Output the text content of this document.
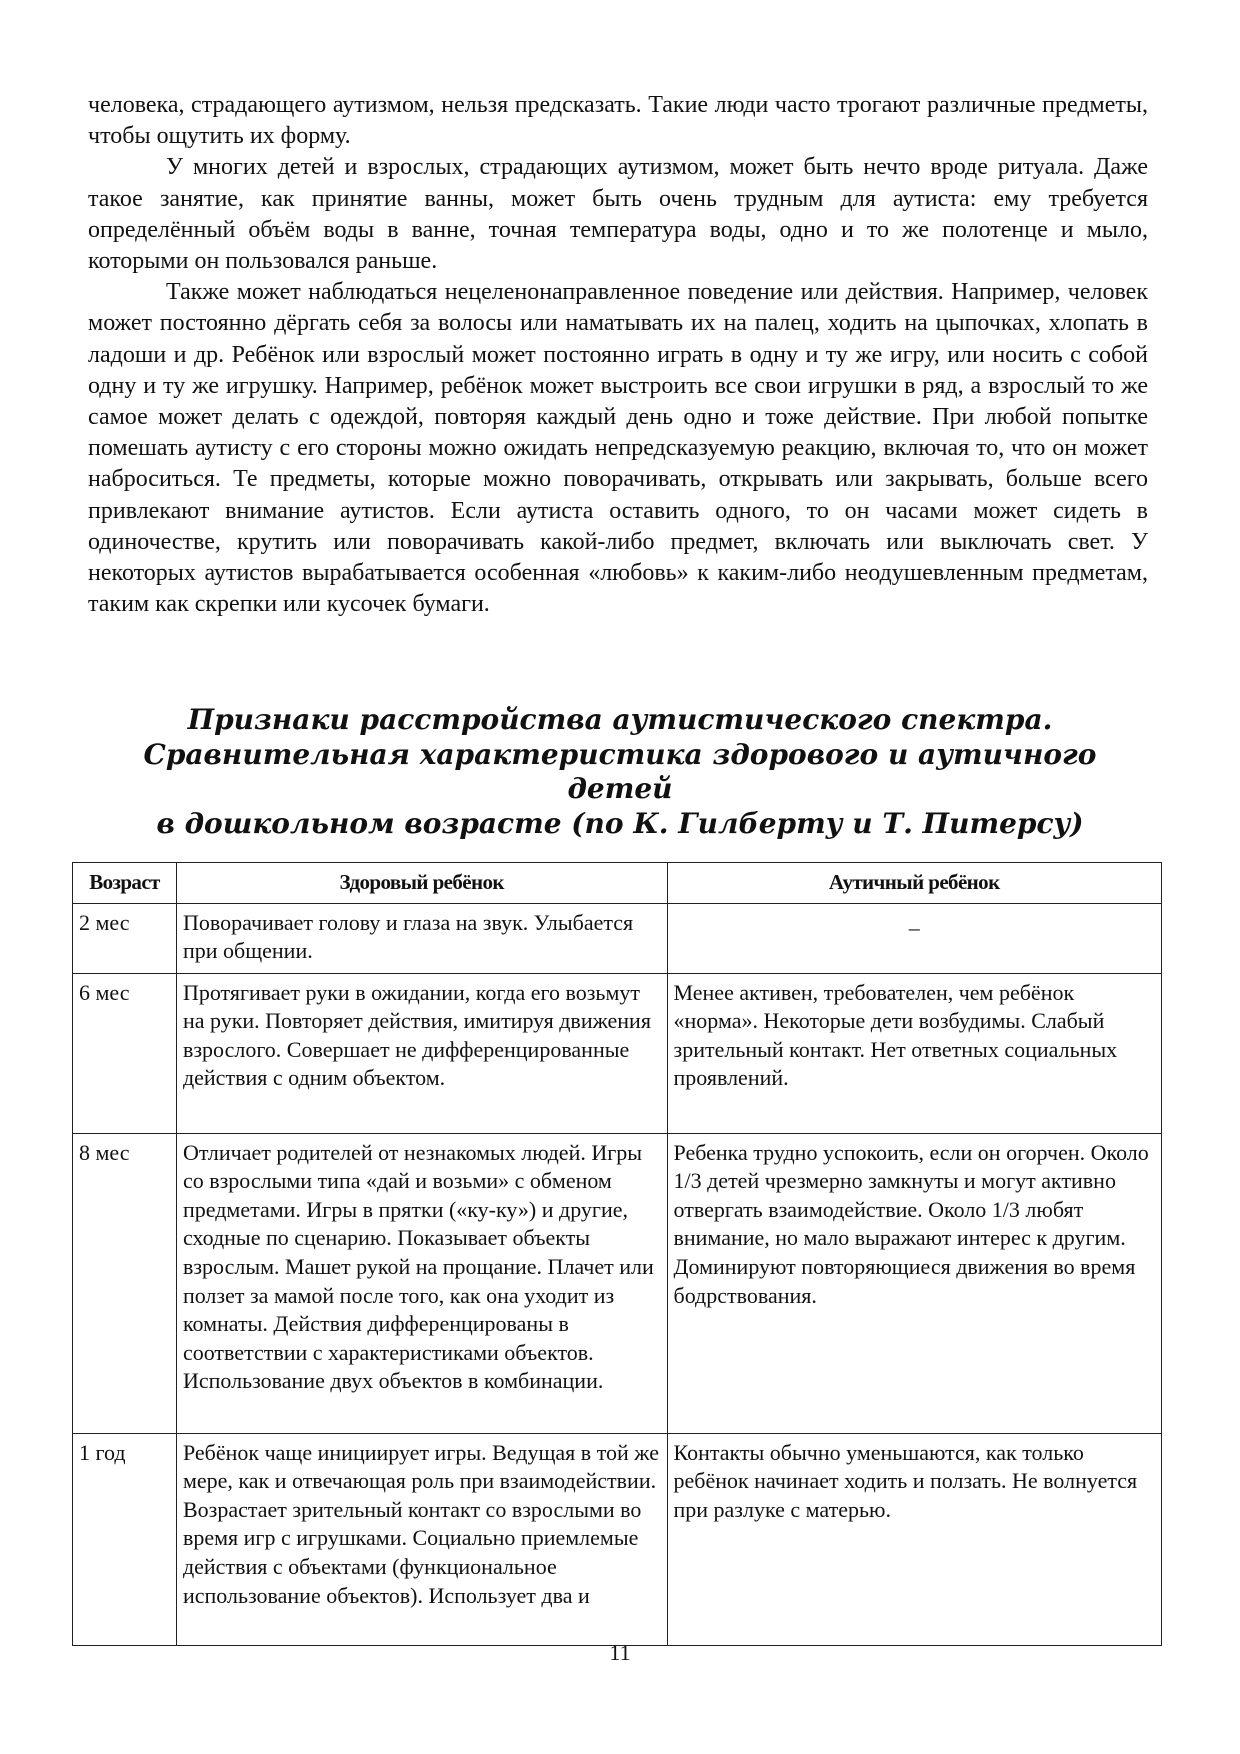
человека, страдающего аутизмом, нельзя предсказать. Такие люди часто трогают различные предметы, чтобы ощутить их форму.

У многих детей и взрослых, страдающих аутизмом, может быть нечто вроде ритуала. Даже такое занятие, как принятие ванны, может быть очень трудным для аутиста: ему требуется определённый объём воды в ванне, точная температура воды, одно и то же полотенце и мыло, которыми он пользовался раньше.

Также может наблюдаться нецеленонаправленное поведение или действия. Например, человек может постоянно дёргать себя за волосы или наматывать их на палец, ходить на цыпочках, хлопать в ладоши и др. Ребёнок или взрослый может постоянно играть в одну и ту же игру, или носить с собой одну и ту же игрушку. Например, ребёнок может выстроить все свои игрушки в ряд, а взрослый то же самое может делать с одеждой, повторяя каждый день одно и тоже действие. При любой попытке помешать аутисту с его стороны можно ожидать непредсказуемую реакцию, включая то, что он может наброситься. Те предметы, которые можно поворачивать, открывать или закрывать, больше всего привлекают внимание аутистов. Если аутиста оставить одного, то он часами может сидеть в одиночестве, крутить или поворачивать какой-либо предмет, включать или выключать свет. У некоторых аутистов вырабатывается особенная «любовь» к каким-либо неодушевленным предметам, таким как скрепки или кусочек бумаги.

Признаки расстройства аутистического спектра.
Сравнительная характеристика здорового и аутичного
детей
в дошкольном возрасте (по К. Гилберту и Т. Питерсу)
Возраст	Здоровый ребёнок	Аутичный ребёнок
2 мес	Поворачивает голову и глаза на звук. Улыбается при общении.	–
6 мес	Протягивает руки в ожидании, когда его возьмут на руки. Повторяет действия, имитируя движения взрослого. Совершает не дифференцированные действия с одним объектом.	Менее активен, требователен, чем ребёнок «норма». Некоторые дети возбудимы. Слабый зрительный контакт. Нет ответных социальных проявлений.
8 мес	Отличает родителей от незнакомых людей. Игры со взрослыми типа «дай и возьми» с обменом предметами. Игры в прятки («ку-ку») и другие, сходные по сценарию. Показывает объекты взрослым. Машет рукой на прощание. Плачет или ползет за мамой после того, как она уходит из комнаты. Действия дифференцированы в соответствии с характеристиками объектов. Использование двух объектов в комбинации.	Ребенка трудно успокоить, если он огорчен. Около 1/3 детей чрезмерно замкнуты и могут активно отвергать взаимодействие. Около 1/3 любят внимание, но мало выражают интерес к другим. Доминируют повторяющиеся движения во время бодрствования.
1 год	Ребёнок чаще инициирует игры. Ведущая в той же мере, как и отвечающая роль при взаимодействии. Возрастает зрительный контакт со взрослыми во время игр с игрушками. Социально приемлемые действия с объектами (функциональное использование объектов). Использует два и	Контакты обычно уменьшаются, как только ребёнок начинает ходить и ползать. Не волнуется при разлуке с матерью.
11
